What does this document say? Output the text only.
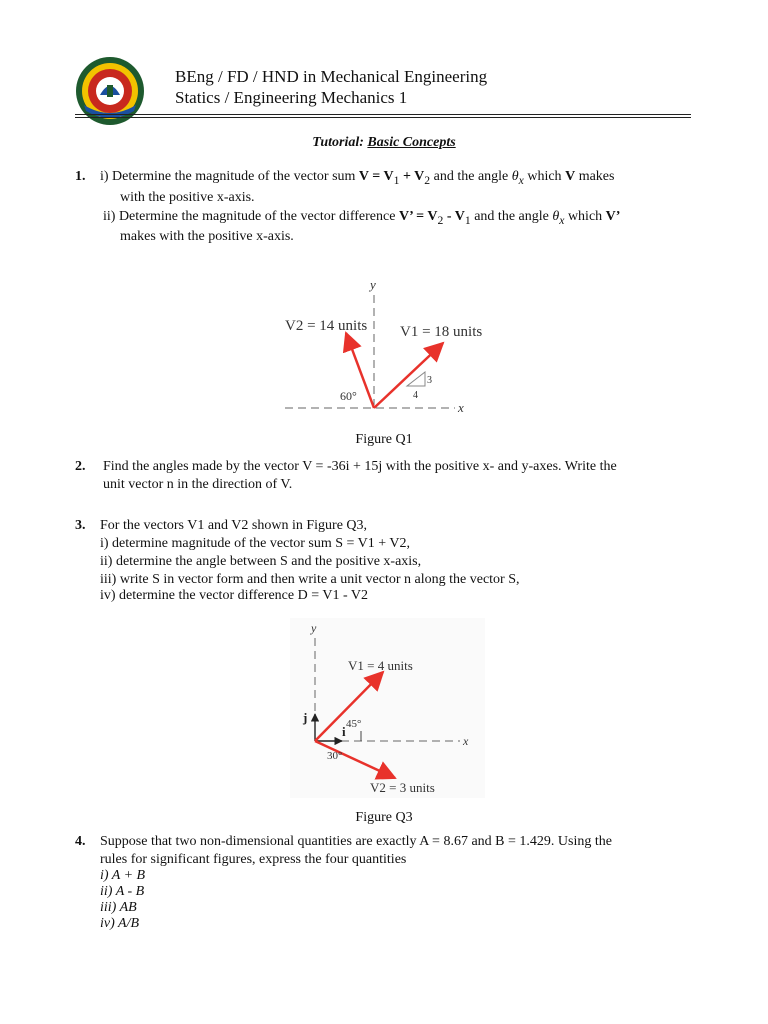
BEng / FD / HND in Mechanical Engineering
Statics / Engineering Mechanics 1
Tutorial: Basic Concepts
1. i) Determine the magnitude of the vector sum $V = V_1 + V_2$ and the angle $\theta_x$ which V makes
with the positive x-axis.
ii) Determine the magnitude of the vector difference V’ = $V_2 - V_1$ and the angle $\theta_x$ which V’
makes with the positive x-axis.
y
x
V2 = 14 units V1 = 18 units
60°
3
4
Figure Q1
2. Find the angles made by the vector V = -36i + 15j with the positive x- and y-axes. Write the
unit vector n in the direction of V.
3. For the vectors V1 and V2 shown in Figure Q3,
i) determine magnitude of the vector sum S = V1 + V2,
ii) determine the angle between S and the positive x-axis,
iii) write S in vector form and then write a unit vector n along the vector S,
iv) determine the vector difference D = V1 - V2
y
x
j
i
V1 = 4 units
V2 = 3 units
45°
30°
Figure Q3
4. Suppose that two non-dimensional quantities are exactly A = 8.67 and B = 1.429. Using the
rules for significant figures, express the four quantities
i) A + B
ii) A - B
iii) AB
iv) A/B
